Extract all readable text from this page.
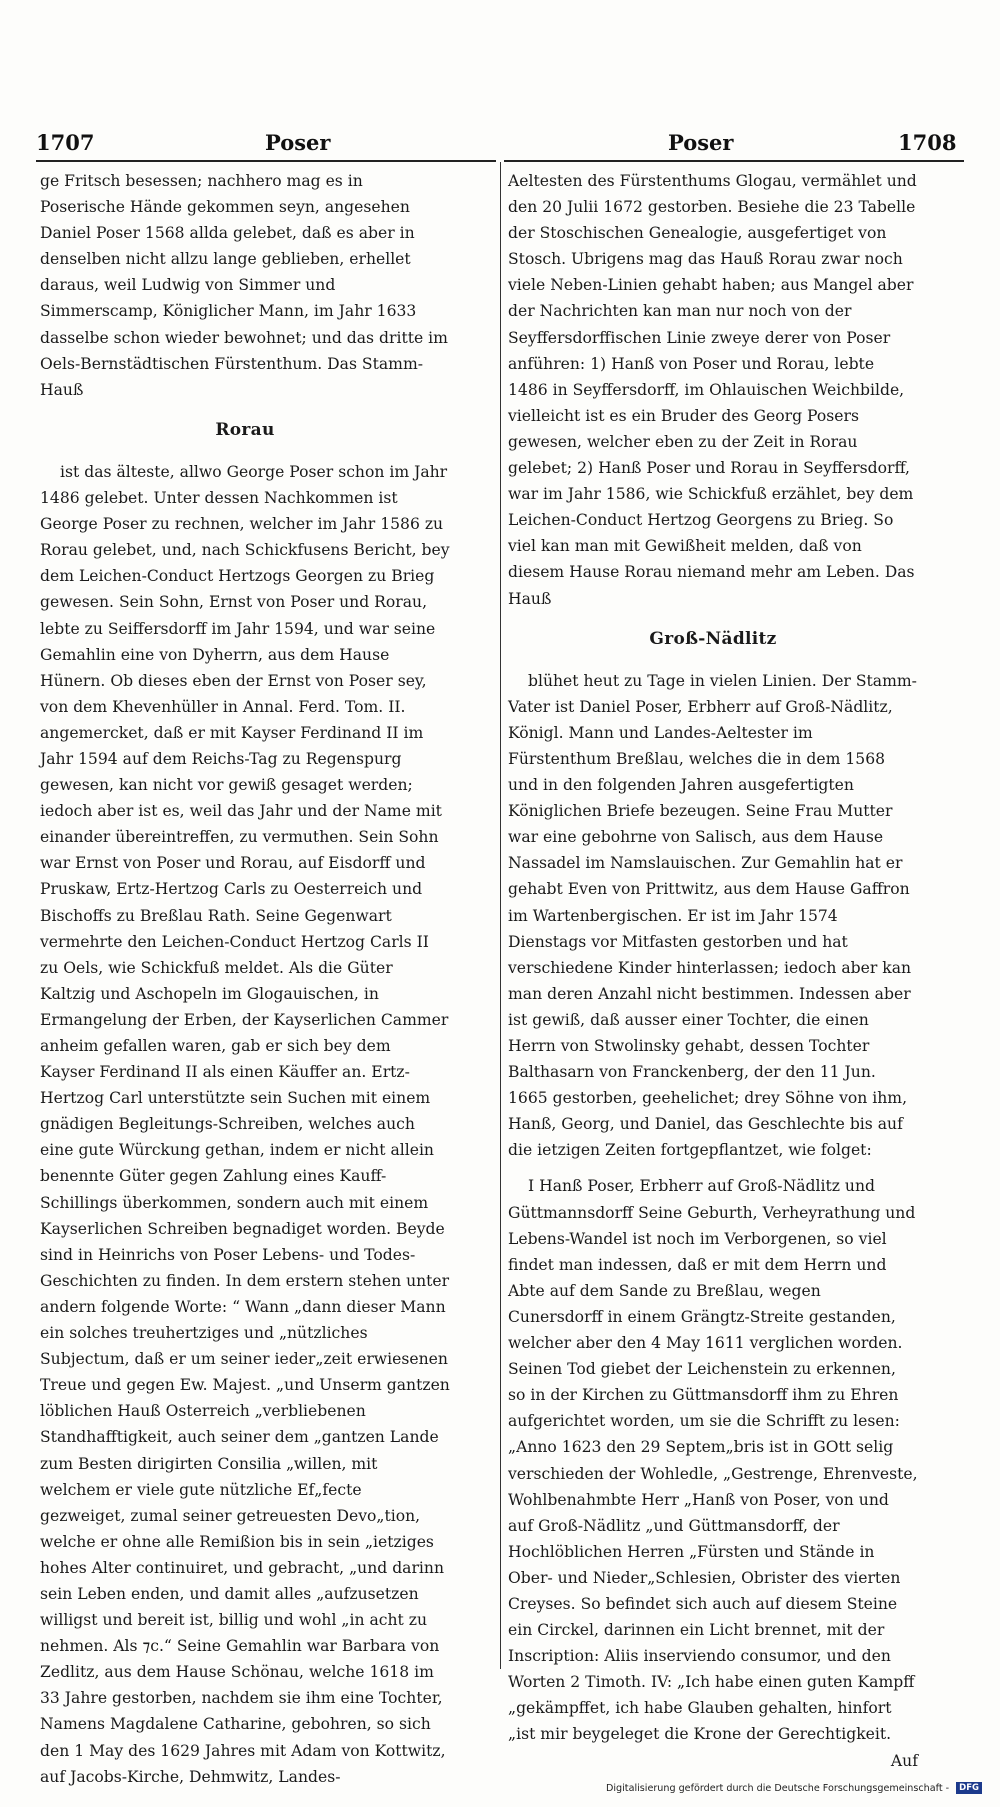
1707	Poser	Poser	1708

ge Fritsch besessen; nachhero mag es in Poserische Hände gekommen seyn, angesehen Daniel Poser 1568 allda gelebet, daß es aber in denselben nicht allzu lange geblieben, erhellet daraus, weil Ludwig von Simmer und Simmerscamp, Königlicher Mann, im Jahr 1633 dasselbe schon wieder bewohnet; und das dritte im Oels-Bernstädtischen Fürstenthum. Das Stamm-Hauß

Rorau

ist das älteste, allwo George Poser schon im Jahr 1486 gelebet. Unter dessen Nachkommen ist George Poser zu rechnen, welcher im Jahr 1586 zu Rorau gelebet, und, nach Schickfusens Bericht, bey dem Leichen-Conduct Hertzogs Georgen zu Brieg gewesen. Sein Sohn, Ernst von Poser und Rorau, lebte zu Seiffersdorff im Jahr 1594, und war seine Gemahlin eine von Dyherrn, aus dem Hause Hünern. Ob dieses eben der Ernst von Poser sey, von dem Khevenhüller in Annal. Ferd. Tom. II. angemercket, daß er mit Kayser Ferdinand II im Jahr 1594 auf dem Reichs-Tag zu Regenspurg gewesen, kan nicht vor gewiß gesaget werden; iedoch aber ist es, weil das Jahr und der Name mit einander übereintreffen, zu vermuthen. Sein Sohn war Ernst von Poser und Rorau, auf Eisdorff und Pruskaw, Ertz-Hertzog Carls zu Oesterreich und Bischoffs zu Breßlau Rath. Seine Gegenwart vermehrte den Leichen-Conduct Hertzog Carls II zu Oels, wie Schickfuß meldet. Als die Güter Kaltzig und Aschopeln im Glogauischen, in Ermangelung der Erben, der Kayserlichen Cammer anheim gefallen waren, gab er sich bey dem Kayser Ferdinand II als einen Käuffer an. Ertz-Hertzog Carl unterstützte sein Suchen mit einem gnädigen Begleitungs-Schreiben, welches auch eine gute Würckung gethan, indem er nicht allein benennte Güter gegen Zahlung eines Kauff-Schillings überkommen, sondern auch mit einem Kayserlichen Schreiben begnadiget worden. Beyde sind in Heinrichs von Poser Lebens- und Todes-Geschichten zu finden. In dem erstern stehen unter andern folgende Worte: “ Wann „dann dieser Mann ein solches treuhertziges und „nützliches Subjectum, daß er um seiner ieder„zeit erwiesenen Treue und gegen Ew. Majest. „und Unserm gantzen löblichen Hauß Osterreich „verbliebenen Standhafftigkeit, auch seiner dem „gantzen Lande zum Besten dirigirten Consilia „willen, mit welchem er viele gute nützliche Ef„fecte gezweiget, zumal seiner getreuesten Devo„tion, welche er ohne alle Remißion bis in sein „ietziges hohes Alter continuiret, und gebracht, „und darinn sein Leben enden, und damit alles „aufzusetzen willigst und bereit ist, billig und wohl „in acht zu nehmen. Als ⁊c.“ Seine Gemahlin war Barbara von Zedlitz, aus dem Hause Schönau, welche 1618 im 33 Jahre gestorben, nachdem sie ihm eine Tochter, Namens Magdalene Catharine, gebohren, so sich den 1 May des 1629 Jahres mit Adam von Kottwitz, auf Jacobs-Kirche, Dehmwitz, Landes-

Aeltesten des Fürstenthums Glogau, vermählet und den 20 Julii 1672 gestorben. Besiehe die 23 Tabelle der Stoschischen Genealogie, ausgefertiget von Stosch. Ubrigens mag das Hauß Rorau zwar noch viele Neben-Linien gehabt haben; aus Mangel aber der Nachrichten kan man nur noch von der Seyffersdorffischen Linie zweye derer von Poser anführen: 1) Hanß von Poser und Rorau, lebte 1486 in Seyffersdorff, im Ohlauischen Weichbilde, vielleicht ist es ein Bruder des Georg Posers gewesen, welcher eben zu der Zeit in Rorau gelebet; 2) Hanß Poser und Rorau in Seyffersdorff, war im Jahr 1586, wie Schickfuß erzählet, bey dem Leichen-Conduct Hertzog Georgens zu Brieg. So viel kan man mit Gewißheit melden, daß von diesem Hause Rorau niemand mehr am Leben. Das Hauß

Groß-Nädlitz

blühet heut zu Tage in vielen Linien. Der Stamm-Vater ist Daniel Poser, Erbherr auf Groß-Nädlitz, Königl. Mann und Landes-Aeltester im Fürstenthum Breßlau, welches die in dem 1568 und in den folgenden Jahren ausgefertigten Königlichen Briefe bezeugen. Seine Frau Mutter war eine gebohrne von Salisch, aus dem Hause Nassadel im Namslauischen. Zur Gemahlin hat er gehabt Even von Prittwitz, aus dem Hause Gaffron im Wartenbergischen. Er ist im Jahr 1574 Dienstags vor Mitfasten gestorben und hat verschiedene Kinder hinterlassen; iedoch aber kan man deren Anzahl nicht bestimmen. Indessen aber ist gewiß, daß ausser einer Tochter, die einen Herrn von Stwolinsky gehabt, dessen Tochter Balthasarn von Franckenberg, der den 11 Jun. 1665 gestorben, geehelichet; drey Söhne von ihm, Hanß, Georg, und Daniel, das Geschlechte bis auf die ietzigen Zeiten fortgepflantzet, wie folget:

I Hanß Poser, Erbherr auf Groß-Nädlitz und Güttmannsdorff Seine Geburth, Verheyrathung und Lebens-Wandel ist noch im Verborgenen, so viel findet man indessen, daß er mit dem Herrn und Abte auf dem Sande zu Breßlau, wegen Cunersdorff in einem Grängtz-Streite gestanden, welcher aber den 4 May 1611 verglichen worden. Seinen Tod giebet der Leichenstein zu erkennen, so in der Kirchen zu Güttmansdorff ihm zu Ehren aufgerichtet worden, um sie die Schrifft zu lesen: „Anno 1623 den 29 Septem„bris ist in GOtt selig verschieden der Wohledle, „Gestrenge, Ehrenveste, Wohlbenahmbte Herr „Hanß von Poser, von und auf Groß-Nädlitz „und Güttmansdorff, der Hochlöblichen Herren „Fürsten und Stände in Ober- und Nieder„Schlesien, Obrister des vierten Creyses. So befindet sich auch auf diesem Steine ein Circkel, darinnen ein Licht brennet, mit der Inscription: Aliis inserviendo consumor, und den Worten 2 Timoth. IV: „Ich habe einen guten Kampff „gekämpffet, ich habe Glauben gehalten, hinfort „ist mir beygeleget die Krone der Gerechtigkeit.

Auf

Digitalisierung gefördert durch die Deutsche Forschungsgemeinschaft - DFG
